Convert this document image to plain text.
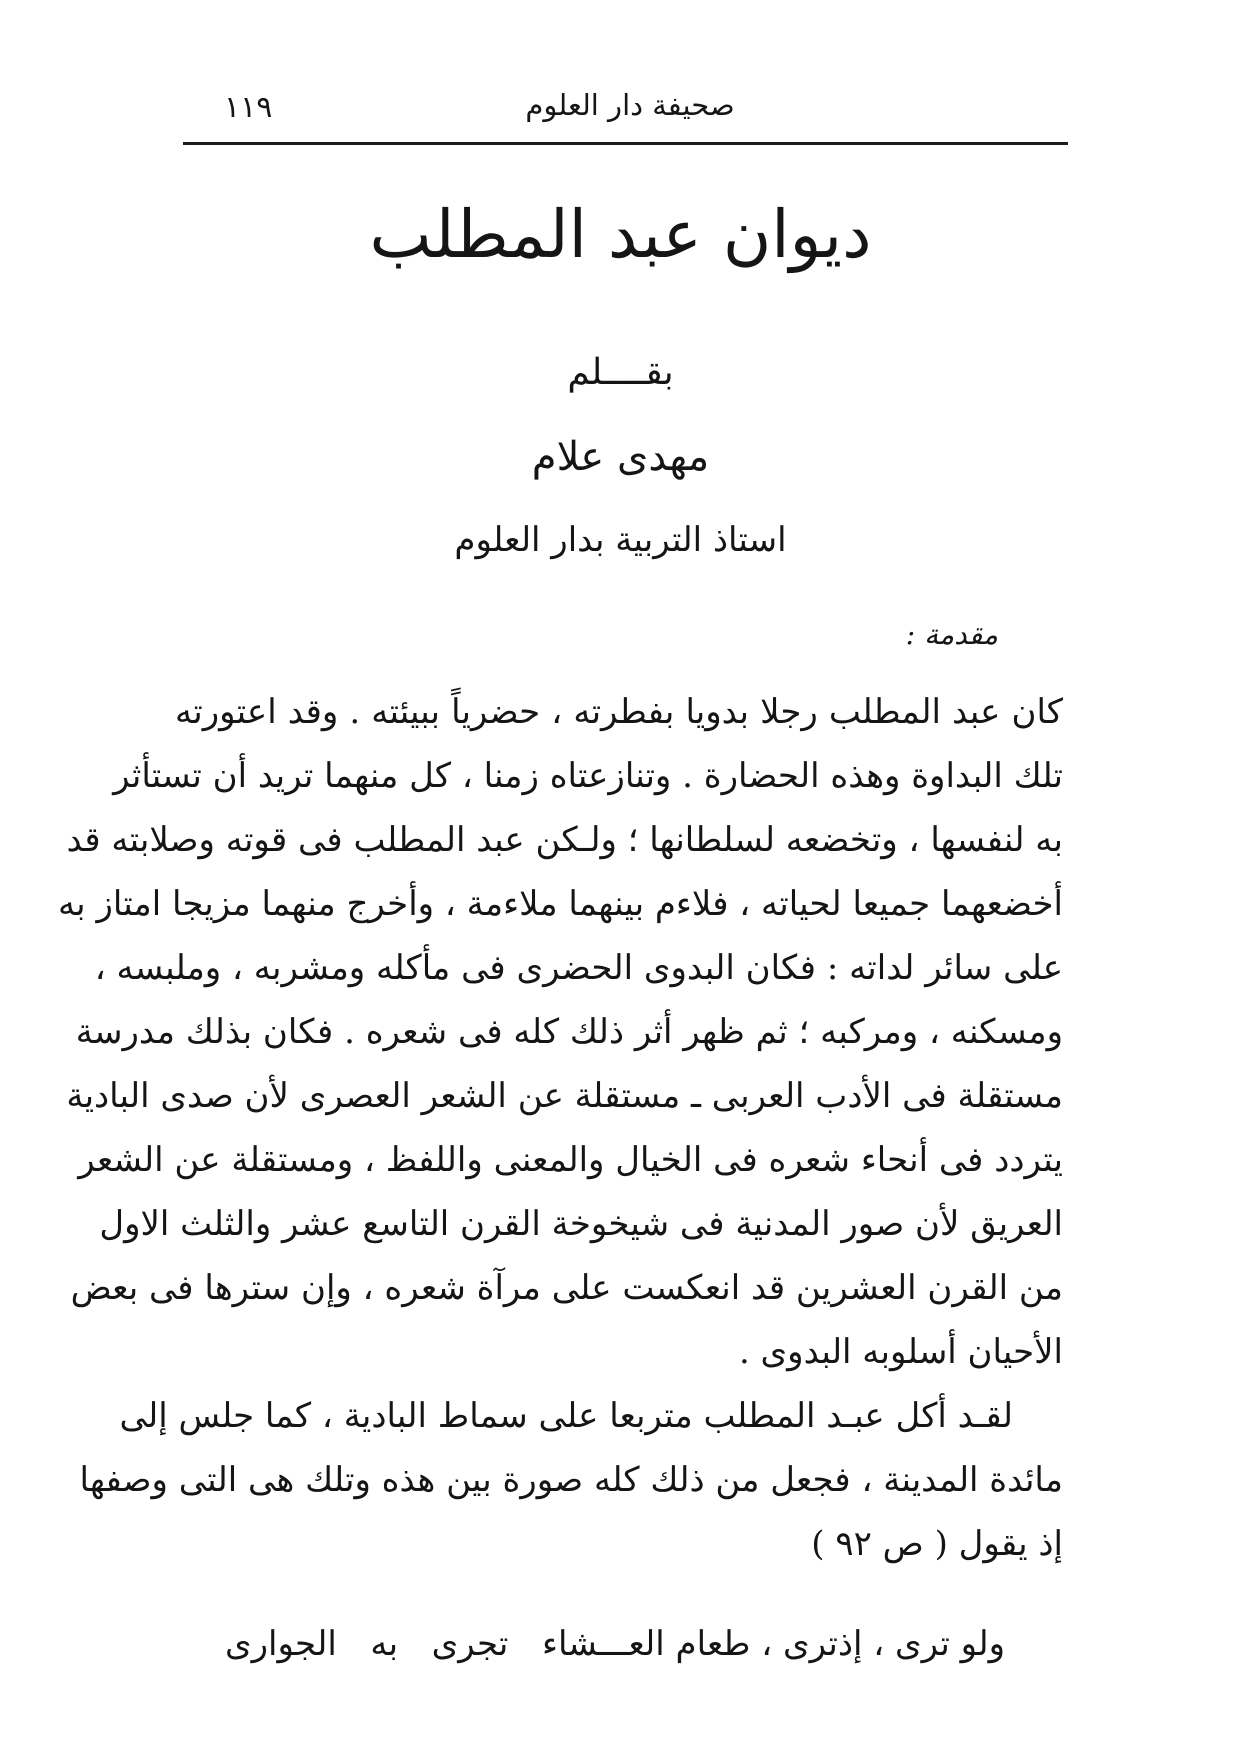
صحيفة دار العلوم
١١٩
ديوان عبد المطلب
بقــــلم
مهدى علام
استاذ التربية بدار العلوم
مقدمة :
كان عبد المطلب رجلا بدويا بفطرته ، حضرياً ببيئته . وقد اعتورته
تلك البداوة وهذه الحضارة . وتنازعتاه زمنا ، كل منهما تريد أن تستأثر
به لنفسها ، وتخضعه لسلطانها ؛ ولـكن عبد المطلب فى قوته وصلابته قد
أخضعهما جميعا لحياته ، فلاءم بينهما ملاءمة ، وأخرج منهما مزيجا امتاز به
على سائر لداته : فكان البدوى الحضرى فى مأكله ومشربه ، وملبسه ،
ومسكنه ، ومركبه ؛ ثم ظهر أثر ذلك كله فى شعره . فكان بذلك مدرسة
مستقلة فى الأدب العربى ـ مستقلة عن الشعر العصرى لأن صدى البادية
يتردد فى أنحاء شعره فى الخيال والمعنى واللفظ ، ومستقلة عن الشعر
العريق لأن صور المدنية فى شيخوخة القرن التاسع عشر والثلث الاول
من القرن العشرين قد انعكست على مرآة شعره ، وإن سترها فى بعض
الأحيان أسلوبه البدوى .
لقـد أكل عبـد المطلب متربعا على سماط البادية ، كما جلس إلى
مائدة المدينة ، فجعل من ذلك كله صورة بين هذه وتلك هى التى وصفها
إذ يقول ( ص ٩٢ )
ولو ترى ، إذترى ، طعام العـــشاء
تجرى
به
الجوارى
